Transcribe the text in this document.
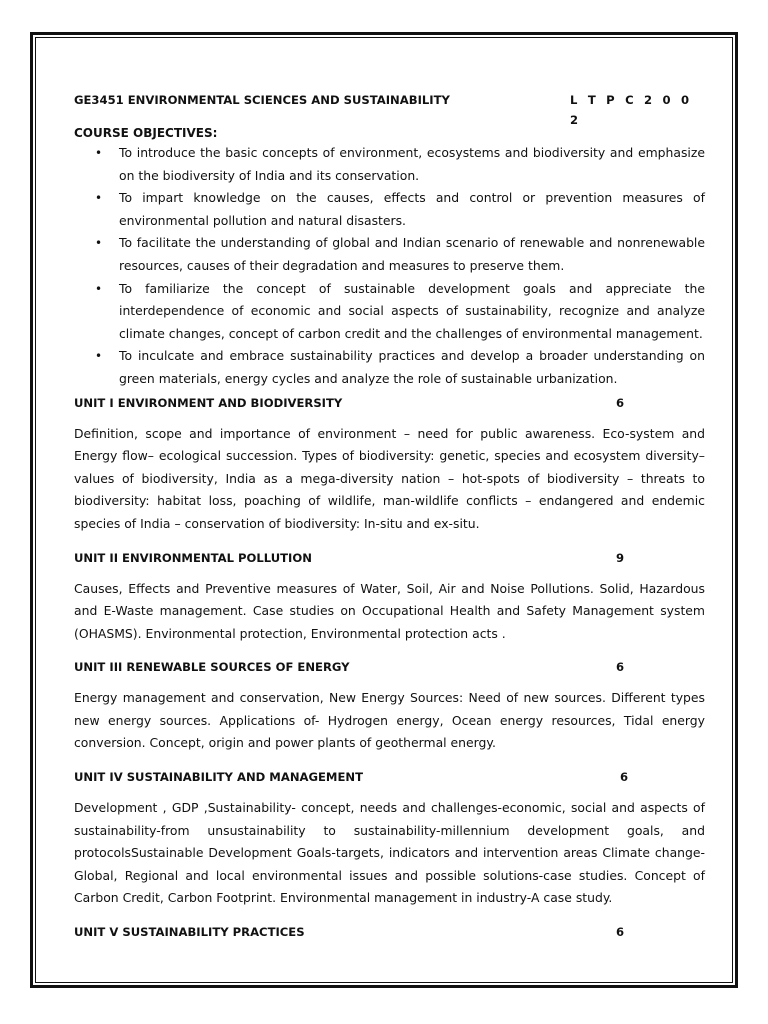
GE3451 ENVIRONMENTAL SCIENCES AND SUSTAINABILITY	L T P C 2 0 0 2
COURSE OBJECTIVES:
• To introduce the basic concepts of environment, ecosystems and biodiversity and emphasize on the biodiversity of India and its conservation.
• To impart knowledge on the causes, effects and control or prevention measures of environmental pollution and natural disasters.
• To facilitate the understanding of global and Indian scenario of renewable and nonrenewable resources, causes of their degradation and measures to preserve them.
• To familiarize the concept of sustainable development goals and appreciate the interdependence of economic and social aspects of sustainability, recognize and analyze climate changes, concept of carbon credit and the challenges of environmental management.
• To inculcate and embrace sustainability practices and develop a broader understanding on green materials, energy cycles and analyze the role of sustainable urbanization.
UNIT I ENVIRONMENT AND BIODIVERSITY	6
Definition, scope and importance of environment – need for public awareness. Eco-system and Energy flow– ecological succession. Types of biodiversity: genetic, species and ecosystem diversity– values of biodiversity, India as a mega-diversity nation – hot-spots of biodiversity – threats to biodiversity: habitat loss, poaching of wildlife, man-wildlife conflicts – endangered and endemic species of India – conservation of biodiversity: In-situ and ex-situ.
UNIT II ENVIRONMENTAL POLLUTION	9
Causes, Effects and Preventive measures of Water, Soil, Air and Noise Pollutions. Solid, Hazardous and E-Waste management. Case studies on Occupational Health and Safety Management system (OHASMS). Environmental protection, Environmental protection acts .
UNIT III RENEWABLE SOURCES OF ENERGY	6
Energy management and conservation, New Energy Sources: Need of new sources. Different types new energy sources. Applications of- Hydrogen energy, Ocean energy resources, Tidal energy conversion. Concept, origin and power plants of geothermal energy.
UNIT IV SUSTAINABILITY AND MANAGEMENT	6
Development , GDP ,Sustainability- concept, needs and challenges-economic, social and aspects of sustainability-from unsustainability to sustainability-millennium development goals, and protocolsSustainable Development Goals-targets, indicators and intervention areas Climate change- Global, Regional and local environmental issues and possible solutions-case studies. Concept of Carbon Credit, Carbon Footprint. Environmental management in industry-A case study.
UNIT V SUSTAINABILITY PRACTICES	6
